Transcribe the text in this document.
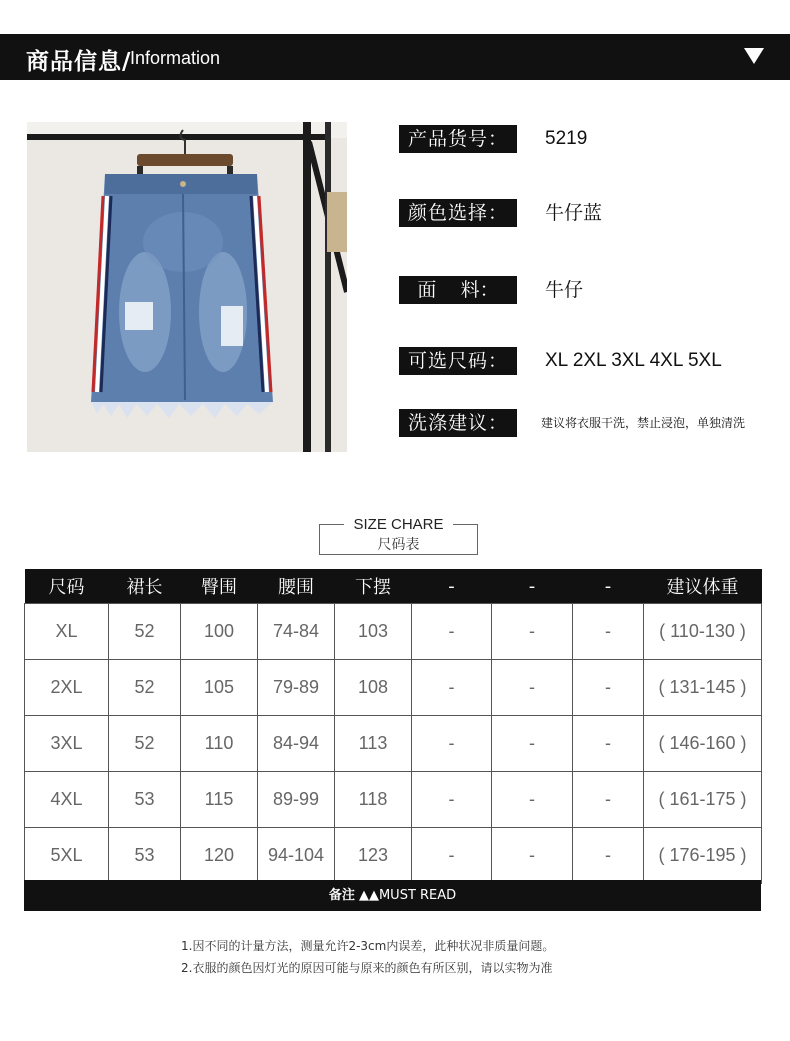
商品信息/
Information
产品货号：	5219
颜色选择：	牛仔蓝
面    料：	牛仔
可选尺码：	XL 2XL 3XL 4XL 5XL
洗涤建议：	建议将衣服干洗，禁止浸泡，单独清洗
SIZE CHARE
尺码表
尺码	裙长	臀围	腰围	下摆	-	-	-	建议体重
XL	52	100	74-84	103	-	-	-	( 110-130 )
2XL	52	105	79-89	108	-	-	-	( 131-145 )
3XL	52	110	84-94	113	-	-	-	( 146-160 )
4XL	53	115	89-99	118	-	-	-	( 161-175 )
5XL	53	120	94-104	123	-	-	-	( 176-195 )
备注 ▲▲MUST READ
1.因不同的计量方法，测量允许2-3cm内误差，此种状况非质量问题。
2.衣服的颜色因灯光的原因可能与原来的颜色有所区别，请以实物为准
